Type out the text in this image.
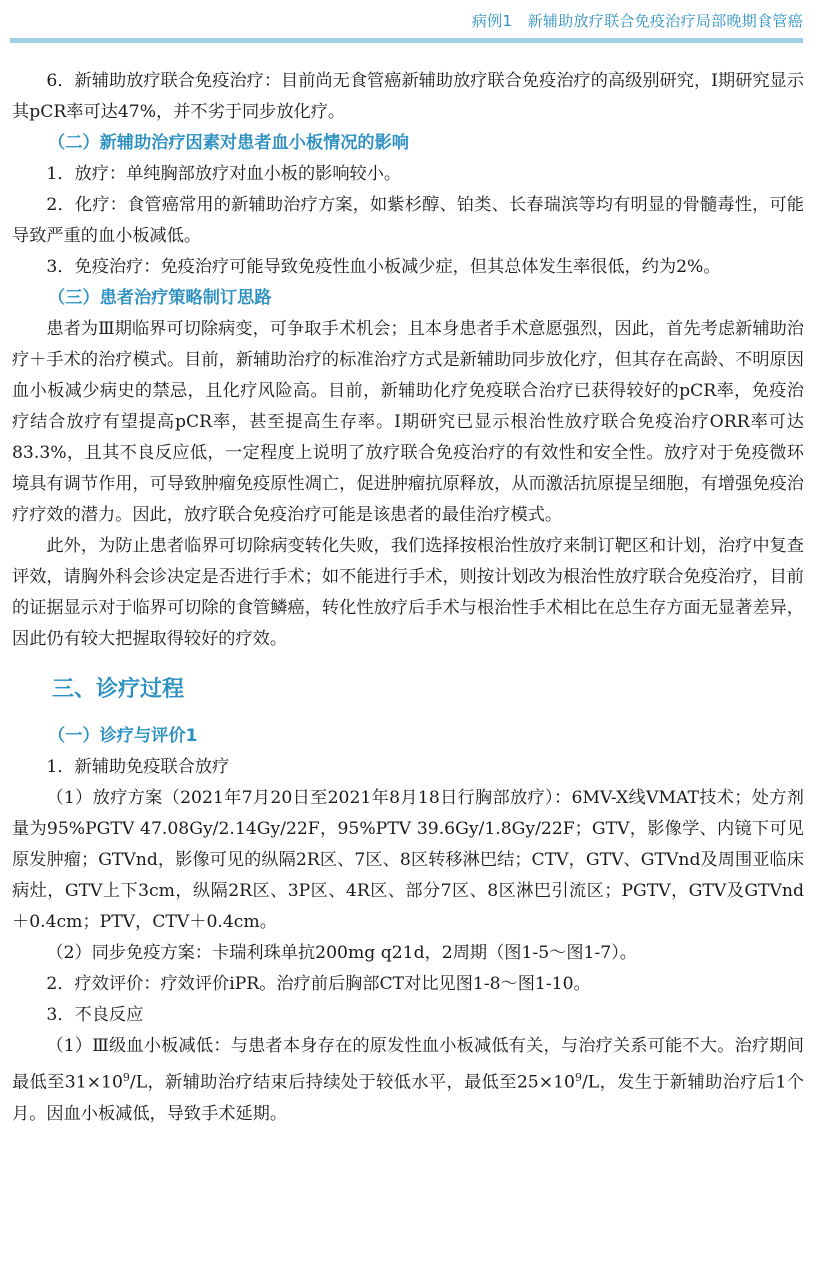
病例1　新辅助放疗联合免疫治疗局部晚期食管癌

6．新辅助放疗联合免疫治疗：目前尚无食管癌新辅助放疗联合免疫治疗的高级别研究，Ⅰ期研究显示其pCR率可达47%，并不劣于同步放化疗。

（二）新辅助治疗因素对患者血小板情况的影响

1．放疗：单纯胸部放疗对血小板的影响较小。

2．化疗：食管癌常用的新辅助治疗方案，如紫杉醇、铂类、长春瑞滨等均有明显的骨髓毒性，可能导致严重的血小板减低。

3．免疫治疗：免疫治疗可能导致免疫性血小板减少症，但其总体发生率很低，约为2%。

（三）患者治疗策略制订思路

患者为Ⅲ期临界可切除病变，可争取手术机会；且本身患者手术意愿强烈，因此，首先考虑新辅助治疗＋手术的治疗模式。目前，新辅助治疗的标准治疗方式是新辅助同步放化疗，但其存在高龄、不明原因血小板减少病史的禁忌，且化疗风险高。目前，新辅助化疗免疫联合治疗已获得较好的pCR率，免疫治疗结合放疗有望提高pCR率，甚至提高生存率。Ⅰ期研究已显示根治性放疗联合免疫治疗ORR率可达83.3%，且其不良反应低，一定程度上说明了放疗联合免疫治疗的有效性和安全性。放疗对于免疫微环境具有调节作用，可导致肿瘤免疫原性凋亡，促进肿瘤抗原释放，从而激活抗原提呈细胞，有增强免疫治疗疗效的潜力。因此，放疗联合免疫治疗可能是该患者的最佳治疗模式。

此外，为防止患者临界可切除病变转化失败，我们选择按根治性放疗来制订靶区和计划，治疗中复查评效，请胸外科会诊决定是否进行手术；如不能进行手术，则按计划改为根治性放疗联合免疫治疗，目前的证据显示对于临界可切除的食管鳞癌，转化性放疗后手术与根治性手术相比在总生存方面无显著差异，因此仍有较大把握取得较好的疗效。

三、诊疗过程
（一）诊疗与评价1

1．新辅助免疫联合放疗

（1）放疗方案（2021年7月20日至2021年8月18日行胸部放疗）：6MV-X线VMAT技术；处方剂量为95%PGTV 47.08Gy/2.14Gy/22F，95%PTV 39.6Gy/1.8Gy/22F；GTV，影像学、内镜下可见原发肿瘤；GTVnd，影像可见的纵隔2R区、7区、8区转移淋巴结；CTV，GTV、GTVnd及周围亚临床病灶，GTV上下3cm，纵隔2R区、3P区、4R区、部分7区、8区淋巴引流区；PGTV，GTV及GTVnd＋0.4cm；PTV，CTV＋0.4cm。

（2）同步免疫方案：卡瑞利珠单抗200mg q21d，2周期（图1-5～图1-7）。

2．疗效评价：疗效评价iPR。治疗前后胸部CT对比见图1-8～图1-10。

3．不良反应

（1）Ⅲ级血小板减低：与患者本身存在的原发性血小板减低有关，与治疗关系可能不大。治疗期间最低至$31\times 10^9/L$，新辅助治疗结束后持续处于较低水平，最低至$25\times 10^9/L$，发生于新辅助治疗后1个月。因血小板减低，导致手术延期。
